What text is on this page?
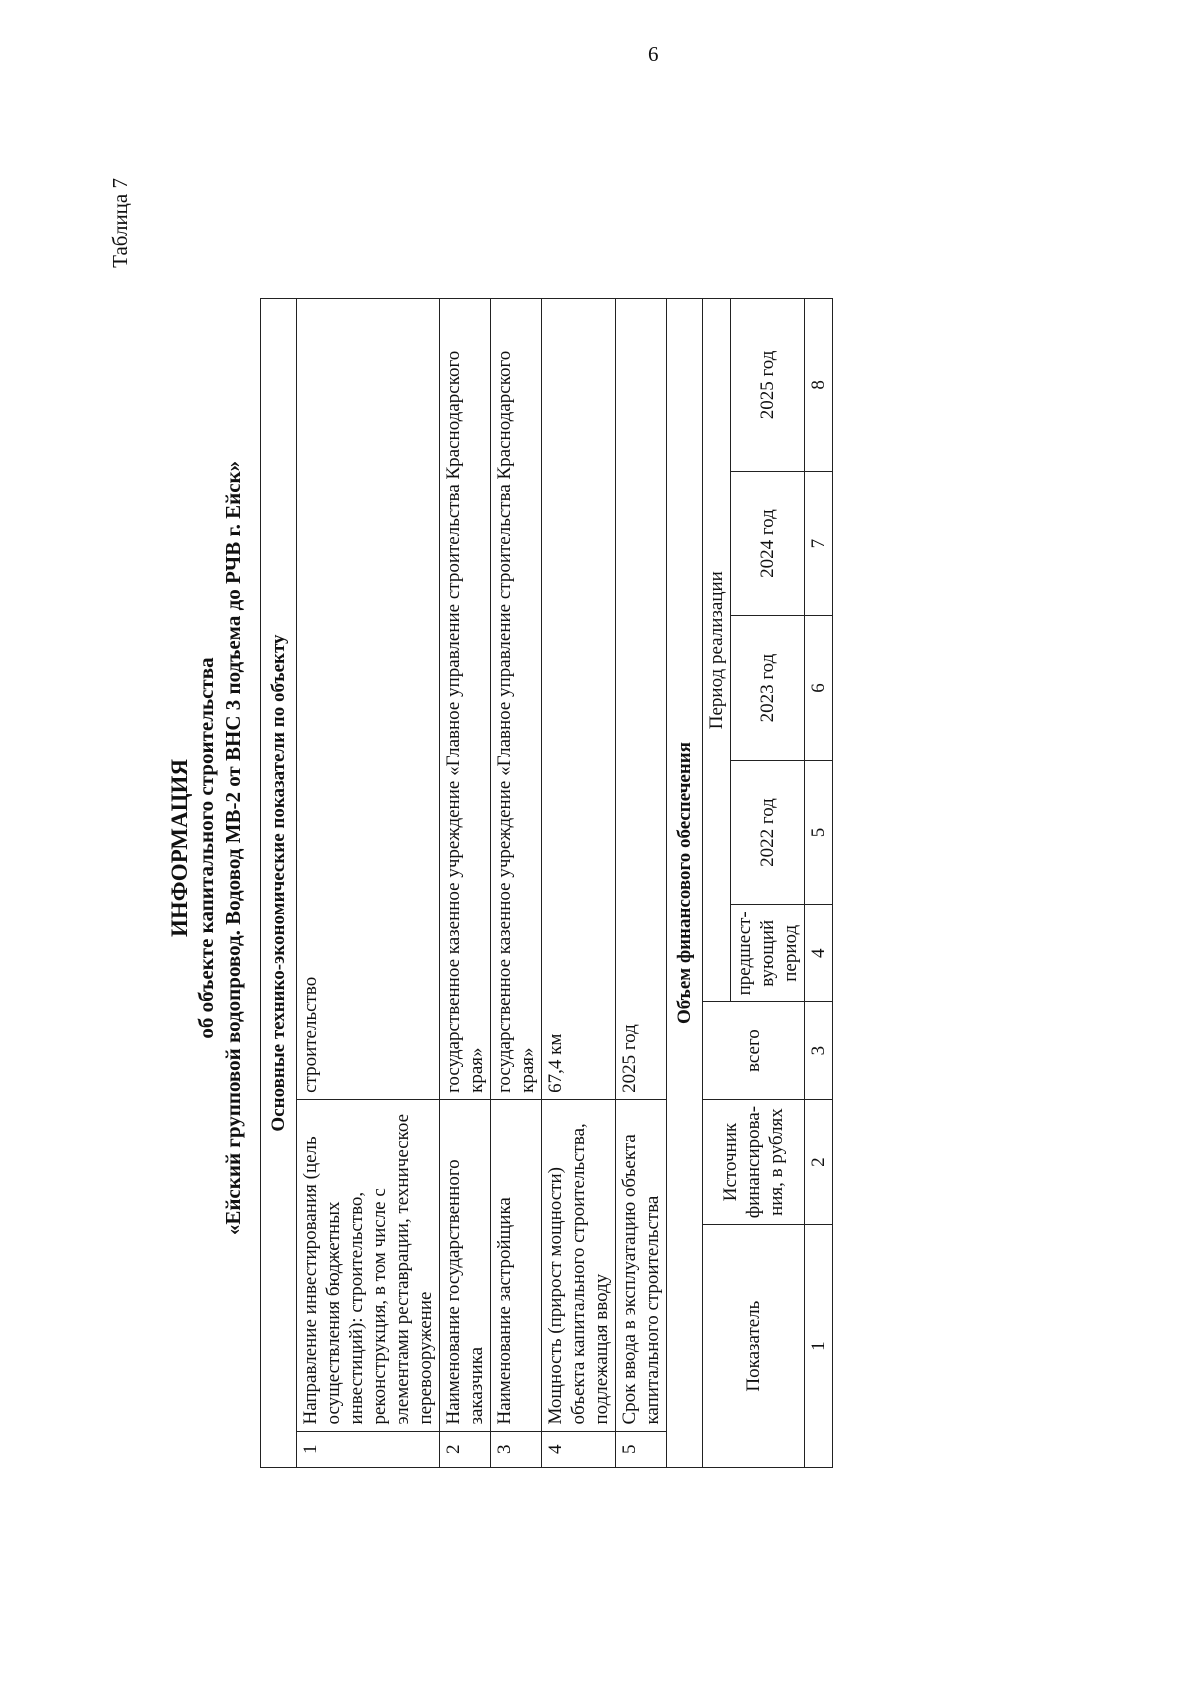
6
Таблица 7
ИНФОРМАЦИЯ об объекте капитального строительства «Ейский групповой водопровод. Водовод МВ-2 от ВНС 3 подъема до РЧВ г. Ейск» Основные технико-экономические показатели по объекту								
1	Направление инвестирования (цель осуществления бюджетных инвестиций): строительство, реконструкция, в том числе с элементами реставрации, техническое перевооружение		строительство					
2	Наименование государственного заказчика		государственное казенное учреждение «Главное управление строительства Краснодарского края»					
3	Наименование застройщика		государственное казенное учреждение «Главное управление строительства Краснодарского края»					
4	Мощность (прирост мощности) объекта капитального строительства, подлежащая вводу		67,4 км					
5	Срок ввода в эксплуатацию объекта капитального строительства		2025 год					
Объем финансового обеспечения								
Показатель		Источник финансирова-ния, в рублях	всего	Период реализации				
				предшест-вующий период	2022 год	2023 год	2024 год	2025 год
1		2	3	4	5	6	7	8
